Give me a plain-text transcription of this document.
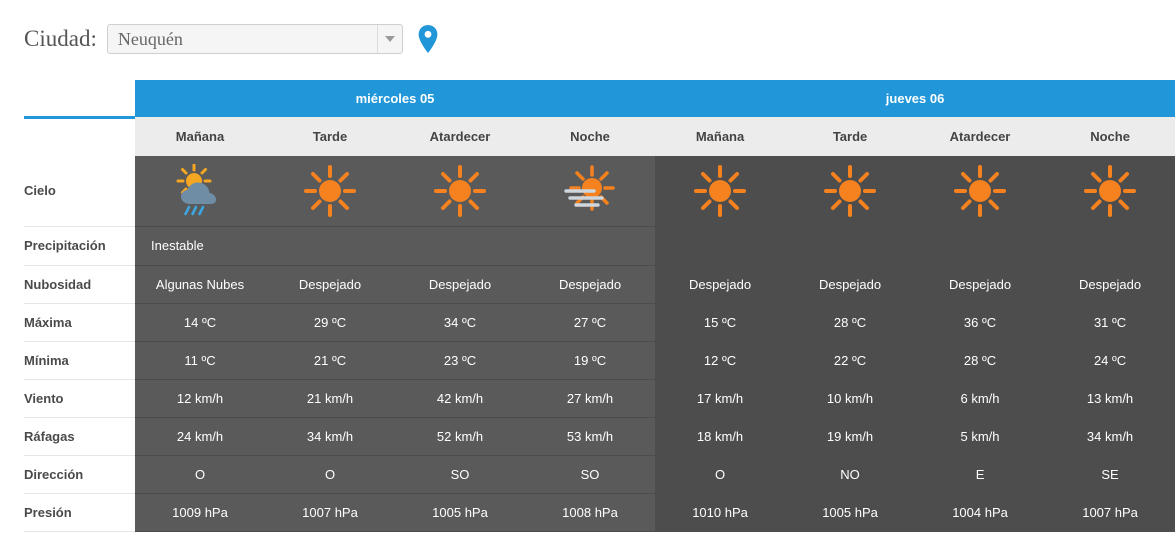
Ciudad:	Neuquén
	miércoles 05				jueves 06			
	Mañana	Tarde	Atardecer	Noche	Mañana	Tarde	Atardecer	Noche
Cielo	

Precipitación	Inestable							
Nubosidad	Algunas Nubes	Despejado	Despejado	Despejado	Despejado	Despejado	Despejado	Despejado
Máxima	14 ºC	29 ºC	34 ºC	27 ºC	15 ºC	28 ºC	36 ºC	31 ºC
Mínima	11 ºC	21 ºC	23 ºC	19 ºC	12 ºC	22 ºC	28 ºC	24 ºC
Viento	12 km/h	21 km/h	42 km/h	27 km/h	17 km/h	10 km/h	6 km/h	13 km/h
Ráfagas	24 km/h	34 km/h	52 km/h	53 km/h	18 km/h	19 km/h	5 km/h	34 km/h
Dirección	O	O	SO	SO	O	NO	E	SE
Presión	1009 hPa	1007 hPa	1005 hPa	1008 hPa	1010 hPa	1005 hPa	1004 hPa	1007 hPa
